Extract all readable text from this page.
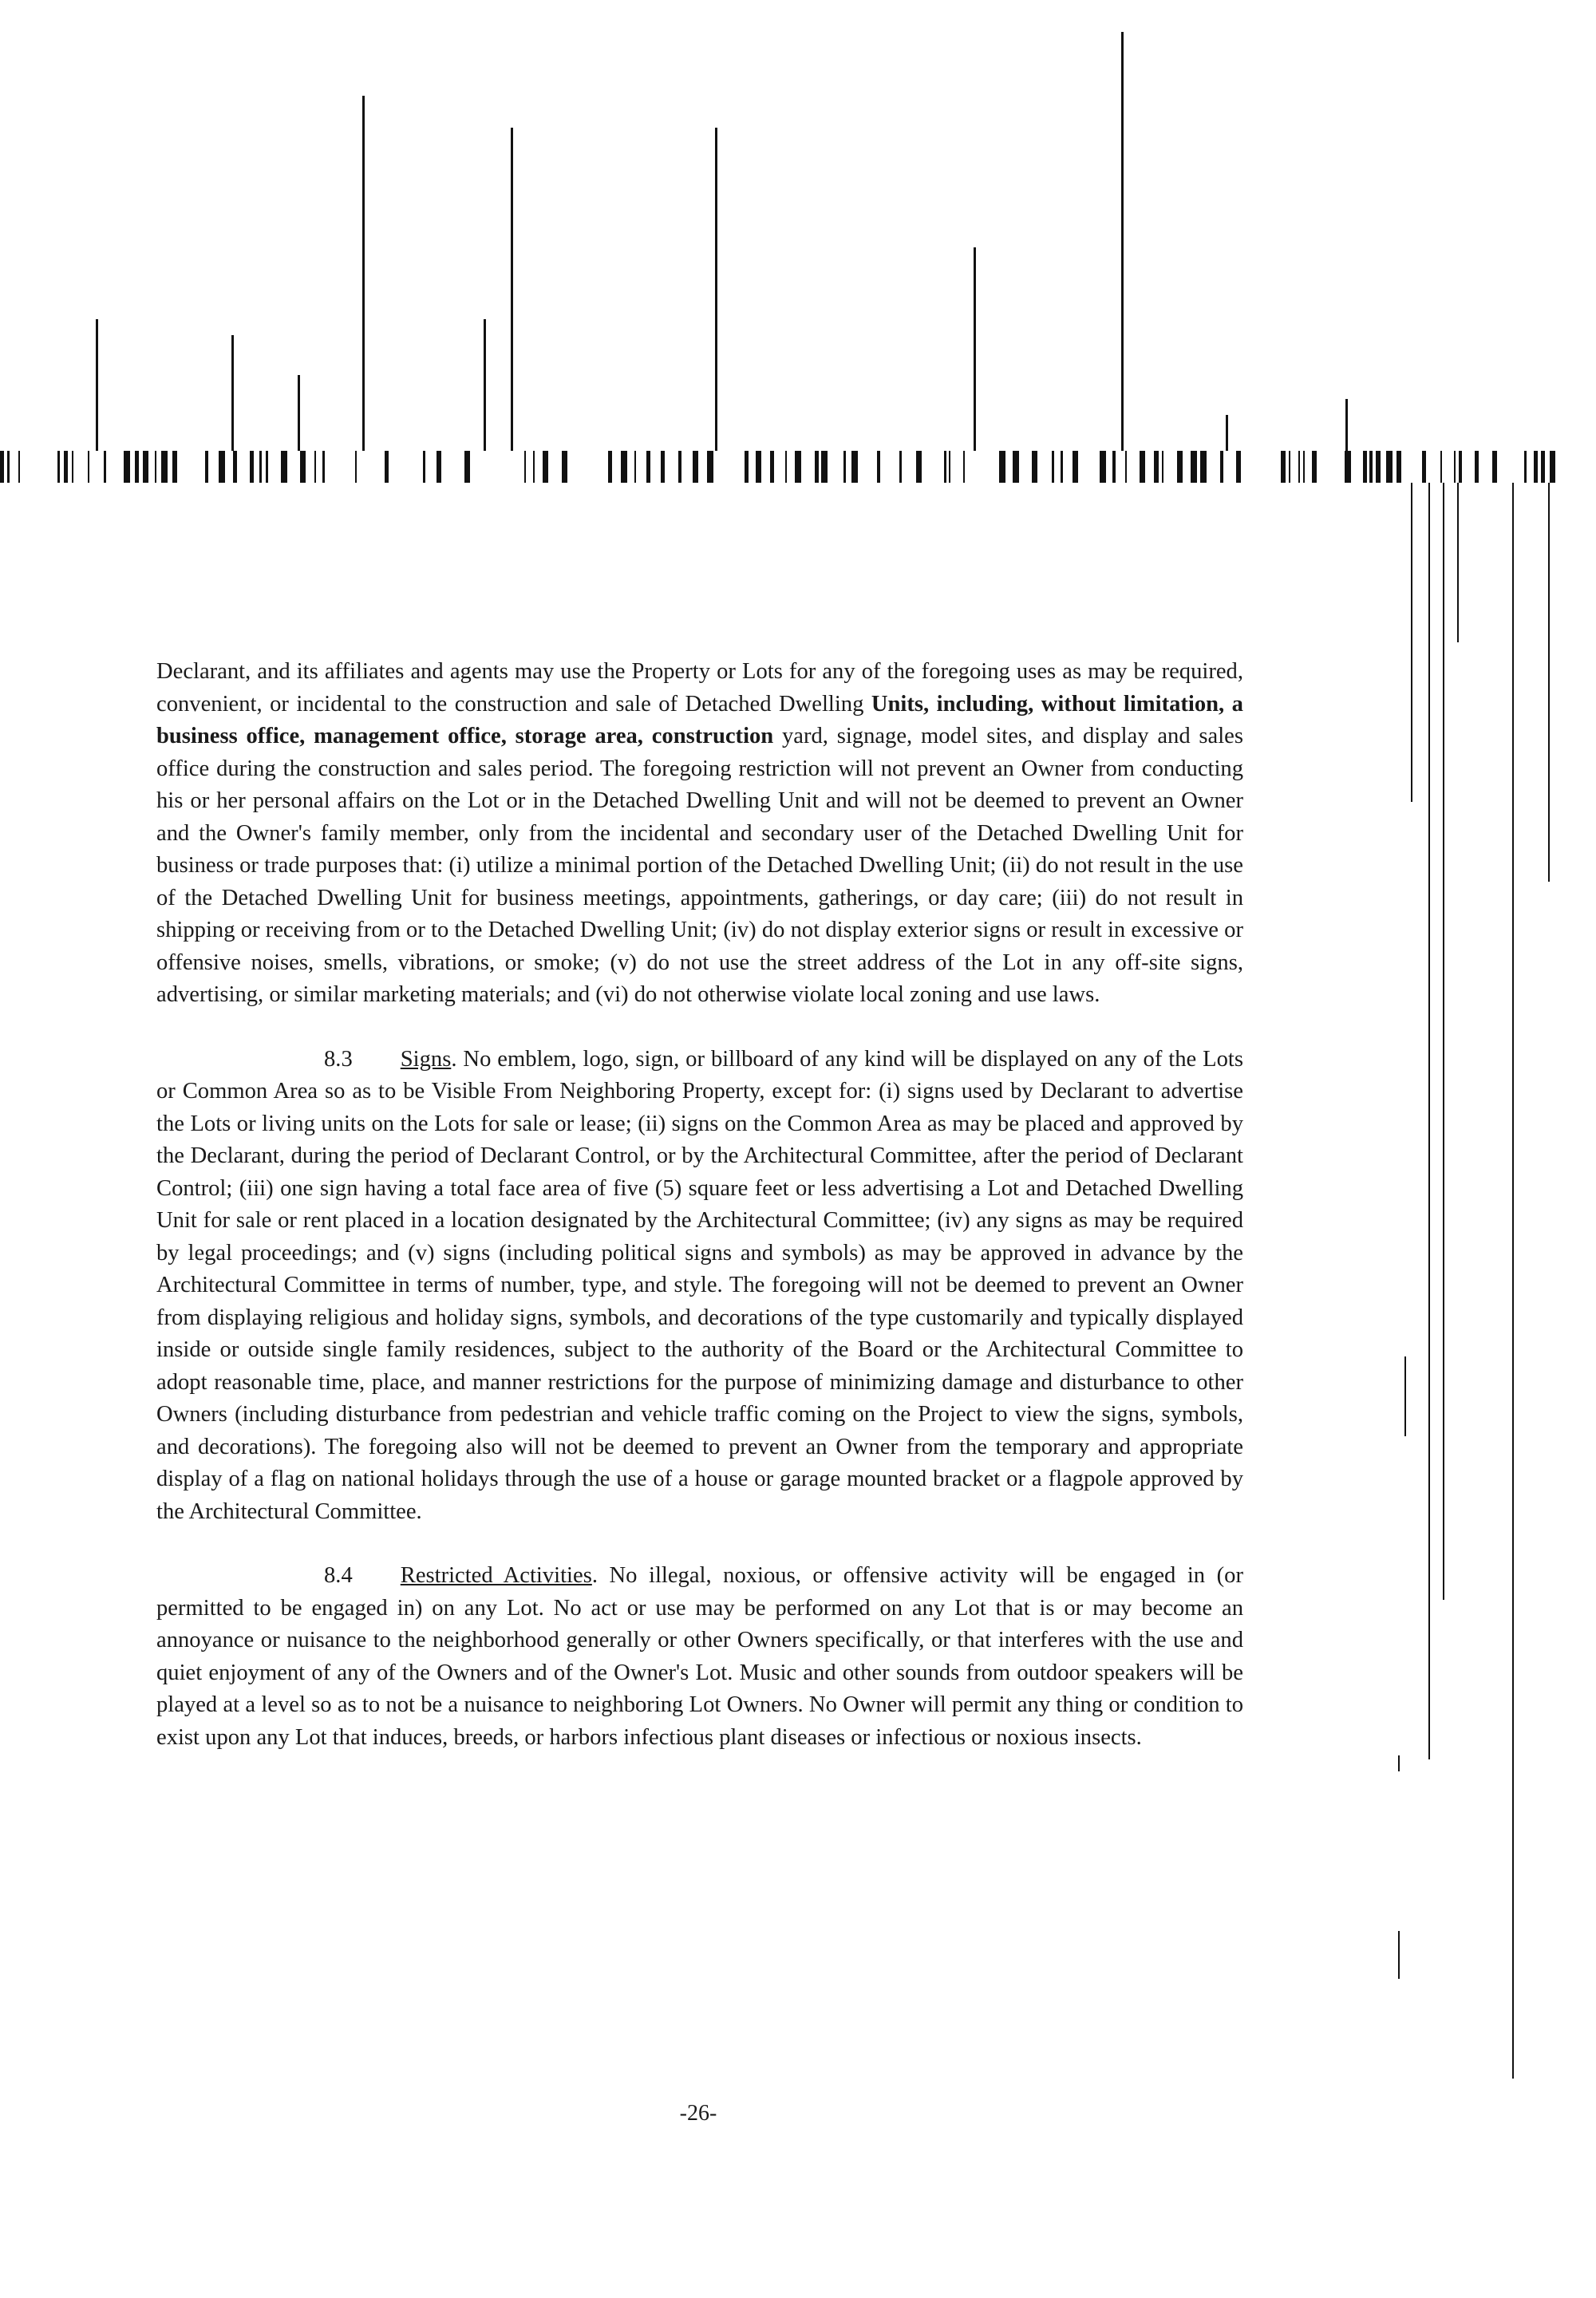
Declarant, and its affiliates and agents may use the Property or Lots for any of the foregoing uses as may be required, convenient, or incidental to the construction and sale of Detached Dwelling Units, including, without limitation, a business office, management office, storage area, construction yard, signage, model sites, and display and sales office during the construction and sales period. The foregoing restriction will not prevent an Owner from conducting his or her personal affairs on the Lot or in the Detached Dwelling Unit and will not be deemed to prevent an Owner and the Owner's family member, only from the incidental and secondary user of the Detached Dwelling Unit for business or trade purposes that: (i) utilize a minimal portion of the Detached Dwelling Unit; (ii) do not result in the use of the Detached Dwelling Unit for business meetings, appointments, gatherings, or day care; (iii) do not result in shipping or receiving from or to the Detached Dwelling Unit; (iv) do not display exterior signs or result in excessive or offensive noises, smells, vibrations, or smoke; (v) do not use the street address of the Lot in any off-site signs, advertising, or similar marketing materials; and (vi) do not otherwise violate local zoning and use laws.

8.3 Signs. No emblem, logo, sign, or billboard of any kind will be displayed on any of the Lots or Common Area so as to be Visible From Neighboring Property, except for: (i) signs used by Declarant to advertise the Lots or living units on the Lots for sale or lease; (ii) signs on the Common Area as may be placed and approved by the Declarant, during the period of Declarant Control, or by the Architectural Committee, after the period of Declarant Control; (iii) one sign having a total face area of five (5) square feet or less advertising a Lot and Detached Dwelling Unit for sale or rent placed in a location designated by the Architectural Committee; (iv) any signs as may be required by legal proceedings; and (v) signs (including political signs and symbols) as may be approved in advance by the Architectural Committee in terms of number, type, and style. The foregoing will not be deemed to prevent an Owner from displaying religious and holiday signs, symbols, and decorations of the type customarily and typically displayed inside or outside single family residences, subject to the authority of the Board or the Architectural Committee to adopt reasonable time, place, and manner restrictions for the purpose of minimizing damage and disturbance to other Owners (including disturbance from pedestrian and vehicle traffic coming on the Project to view the signs, symbols, and decorations). The foregoing also will not be deemed to prevent an Owner from the temporary and appropriate display of a flag on national holidays through the use of a house or garage mounted bracket or a flagpole approved by the Architectural Committee.

8.4 Restricted Activities. No illegal, noxious, or offensive activity will be engaged in (or permitted to be engaged in) on any Lot. No act or use may be performed on any Lot that is or may become an annoyance or nuisance to the neighborhood generally or other Owners specifically, or that interferes with the use and quiet enjoyment of any of the Owners and of the Owner's Lot. Music and other sounds from outdoor speakers will be played at a level so as to not be a nuisance to neighboring Lot Owners. No Owner will permit any thing or condition to exist upon any Lot that induces, breeds, or harbors infectious plant diseases or infectious or noxious insects.

-26-
